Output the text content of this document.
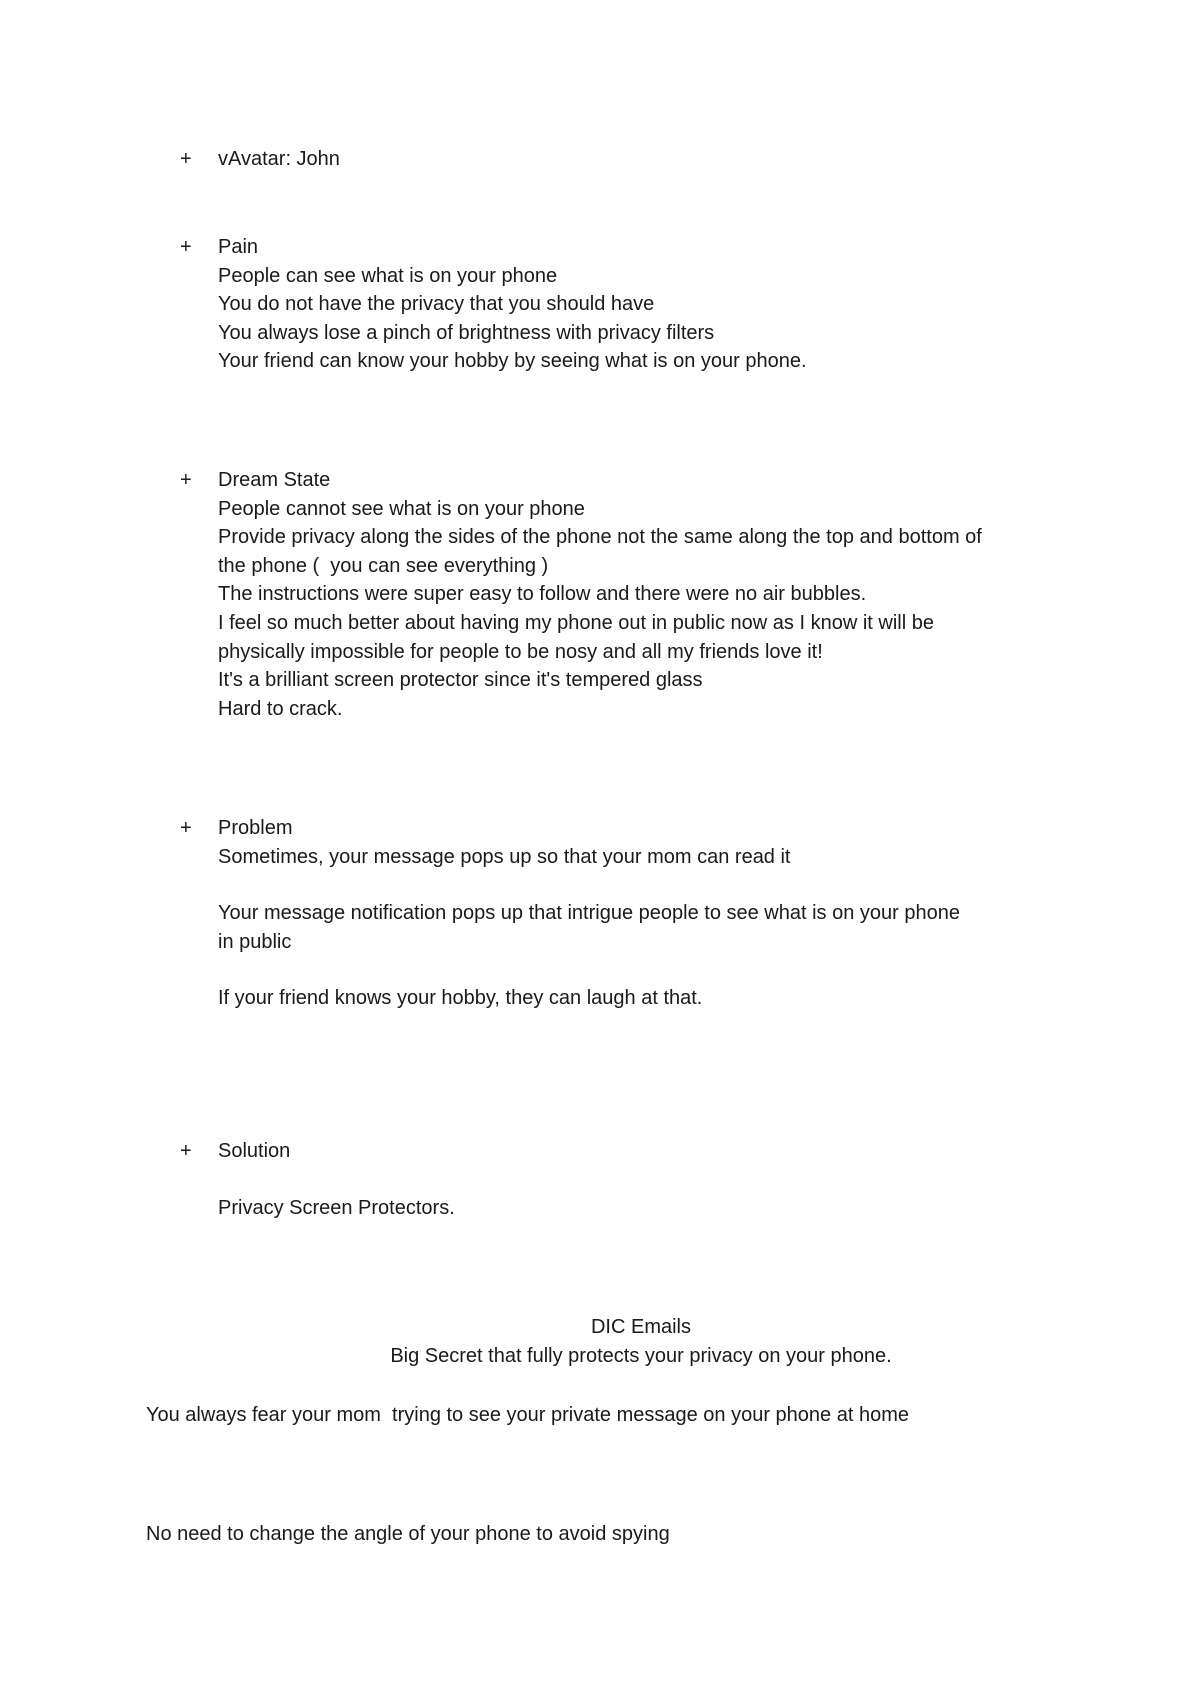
+	vAvatar: John
+	Pain
People can see what is on your phone
You do not have the privacy that you should have
You always lose a pinch of brightness with privacy filters
Your friend can know your hobby by seeing what is on your phone.
+	Dream State
People cannot see what is on your phone
Provide privacy along the sides of the phone not the same along the top and bottom of
the phone (  you can see everything )
The instructions were super easy to follow and there were no air bubbles.
I feel so much better about having my phone out in public now as I know it will be
physically impossible for people to be nosy and all my friends love it!
It's a brilliant screen protector since it's tempered glass
Hard to crack.
+	Problem
Sometimes, your message pops up so that your mom can read it
Your message notification pops up that intrigue people to see what is on your phone
in public
If your friend knows your hobby, they can laugh at that.
+	Solution
Privacy Screen Protectors.
DIC Emails
Big Secret that fully protects your privacy on your phone.
You always fear your mom  trying to see your private message on your phone at home
No need to change the angle of your phone to avoid spying
